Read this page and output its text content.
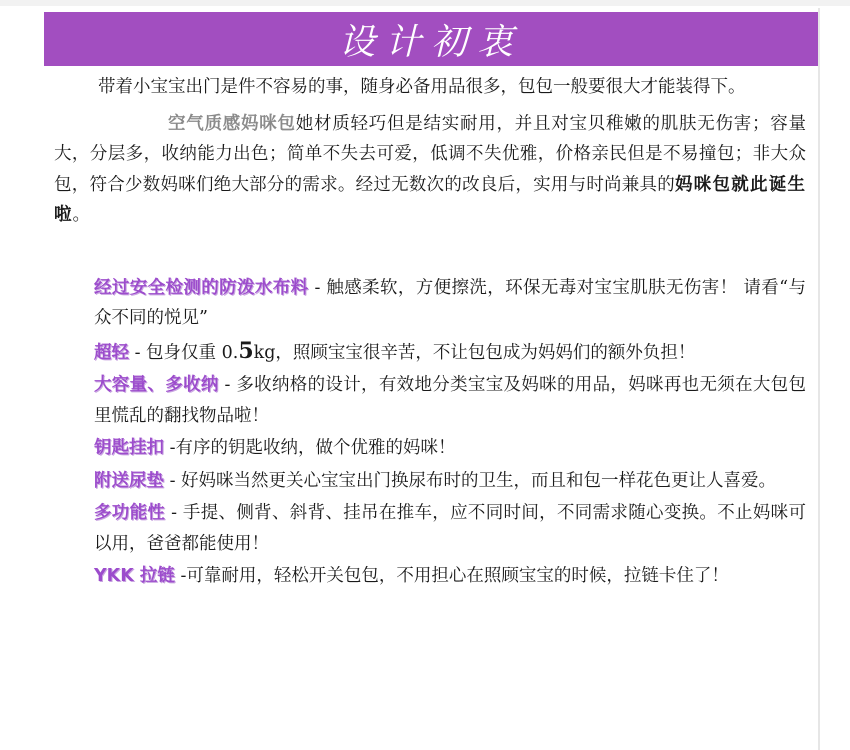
设计初衷

带着小宝宝出门是件不容易的事，随身必备用品很多，包包一般要很大才能装得下。

空气质感妈咪包她材质轻巧但是结实耐用，并且对宝贝稚嫩的肌肤无伤害；容量大，分层多，收纳能力出色；简单不失去可爱，低调不失优雅，价格亲民但是不易撞包；非大众包，符合少数妈咪们绝大部分的需求。经过无数次的改良后，实用与时尚兼具的妈咪包就此诞生啦。

经过安全检测的防泼水布料 - 触感柔软，方便擦洗，环保无毒对宝宝肌肤无伤害！ 请看“与众不同的悦见”

超轻 - 包身仅重 0.5kg，照顾宝宝很辛苦，不让包包成为妈妈们的额外负担！

大容量、多收纳 - 多收纳格的设计，有效地分类宝宝及妈咪的用品，妈咪再也无须在大包包里慌乱的翻找物品啦！

钥匙挂扣 -有序的钥匙收纳，做个优雅的妈咪！

附送尿垫 - 好妈咪当然更关心宝宝出门换尿布时的卫生，而且和包一样花色更让人喜爱。

多功能性 - 手提、侧背、斜背、挂吊在推车，应不同时间，不同需求随心变换。不止妈咪可以用，爸爸都能使用！

YKK 拉链 -可靠耐用，轻松开关包包，不用担心在照顾宝宝的时候，拉链卡住了！
